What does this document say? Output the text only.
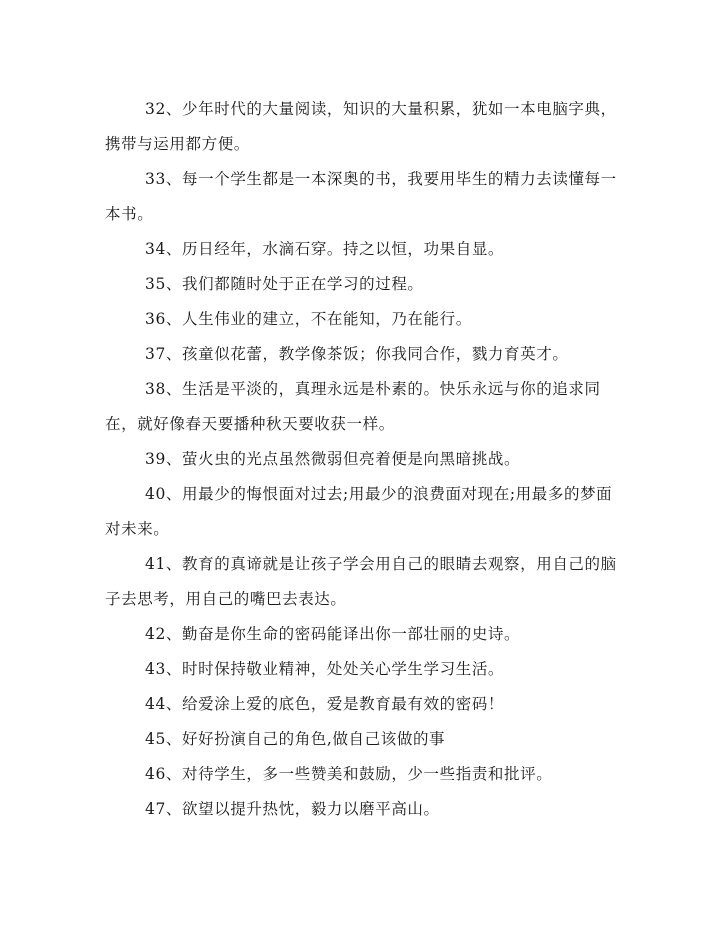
32、少年时代的大量阅读，知识的大量积累，犹如一本电脑字典，携带与运用都方便。

33、每一个学生都是一本深奥的书，我要用毕生的精力去读懂每一本书。

34、历日经年，水滴石穿。持之以恒，功果自显。

35、我们都随时处于正在学习的过程。

36、人生伟业的建立，不在能知，乃在能行。

37、孩童似花蕾，教学像茶饭；你我同合作，戮力育英才。

38、生活是平淡的，真理永远是朴素的。快乐永远与你的追求同在，就好像春天要播种秋天要收获一样。

39、萤火虫的光点虽然微弱但亮着便是向黑暗挑战。

40、用最少的悔恨面对过去;用最少的浪费面对现在;用最多的梦面对未来。

41、教育的真谛就是让孩子学会用自己的眼睛去观察，用自己的脑子去思考，用自己的嘴巴去表达。

42、勤奋是你生命的密码能译出你一部壮丽的史诗。

43、时时保持敬业精神，处处关心学生学习生活。

44、给爱涂上爱的底色，爱是教育最有效的密码！

45、好好扮演自己的角色,做自己该做的事

46、对待学生，多一些赞美和鼓励，少一些指责和批评。

47、欲望以提升热忱，毅力以磨平高山。
